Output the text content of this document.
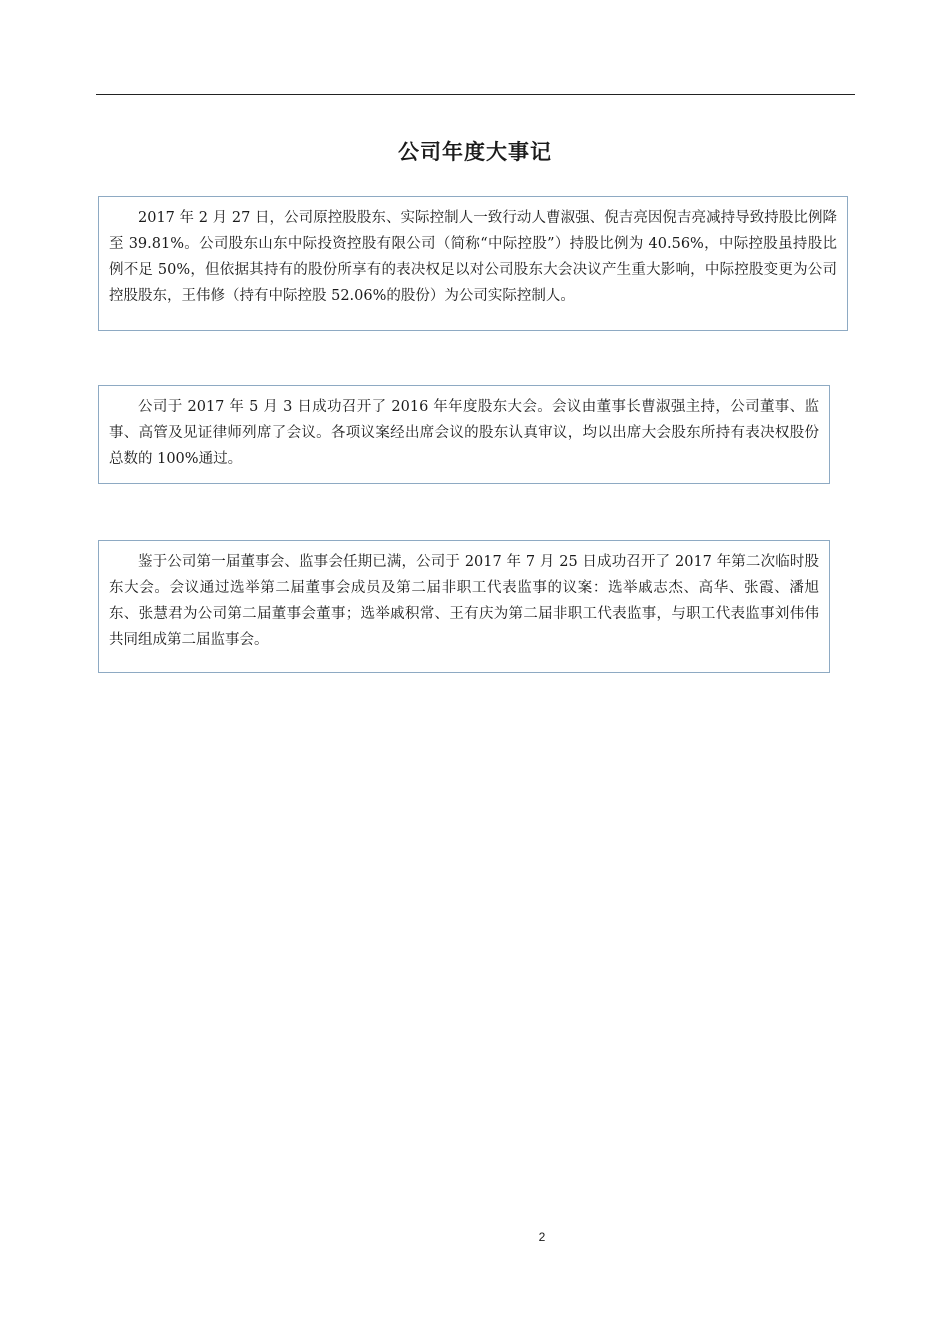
公司年度大事记

2017 年 2 月 27 日，公司原控股股东、实际控制人一致行动人曹淑强、倪吉亮因倪吉亮减持导致持股比例降至 39.81%。公司股东山东中际投资控股有限公司（简称“中际控股”）持股比例为 40.56%，中际控股虽持股比例不足 50%，但依据其持有的股份所享有的表决权足以对公司股东大会决议产生重大影响，中际控股变更为公司控股股东，王伟修（持有中际控股 52.06%的股份）为公司实际控制人。

公司于 2017 年 5 月 3 日成功召开了 2016 年年度股东大会。会议由董事长曹淑强主持，公司董事、监事、高管及见证律师列席了会议。各项议案经出席会议的股东认真审议，均以出席大会股东所持有表决权股份总数的 100%通过。

鉴于公司第一届董事会、监事会任期已满，公司于 2017 年 7 月 25 日成功召开了 2017 年第二次临时股东大会。会议通过选举第二届董事会成员及第二届非职工代表监事的议案：选举戚志杰、高华、张霞、潘旭东、张慧君为公司第二届董事会董事；选举戚积常、王有庆为第二届非职工代表监事，与职工代表监事刘伟伟共同组成第二届监事会。

2
